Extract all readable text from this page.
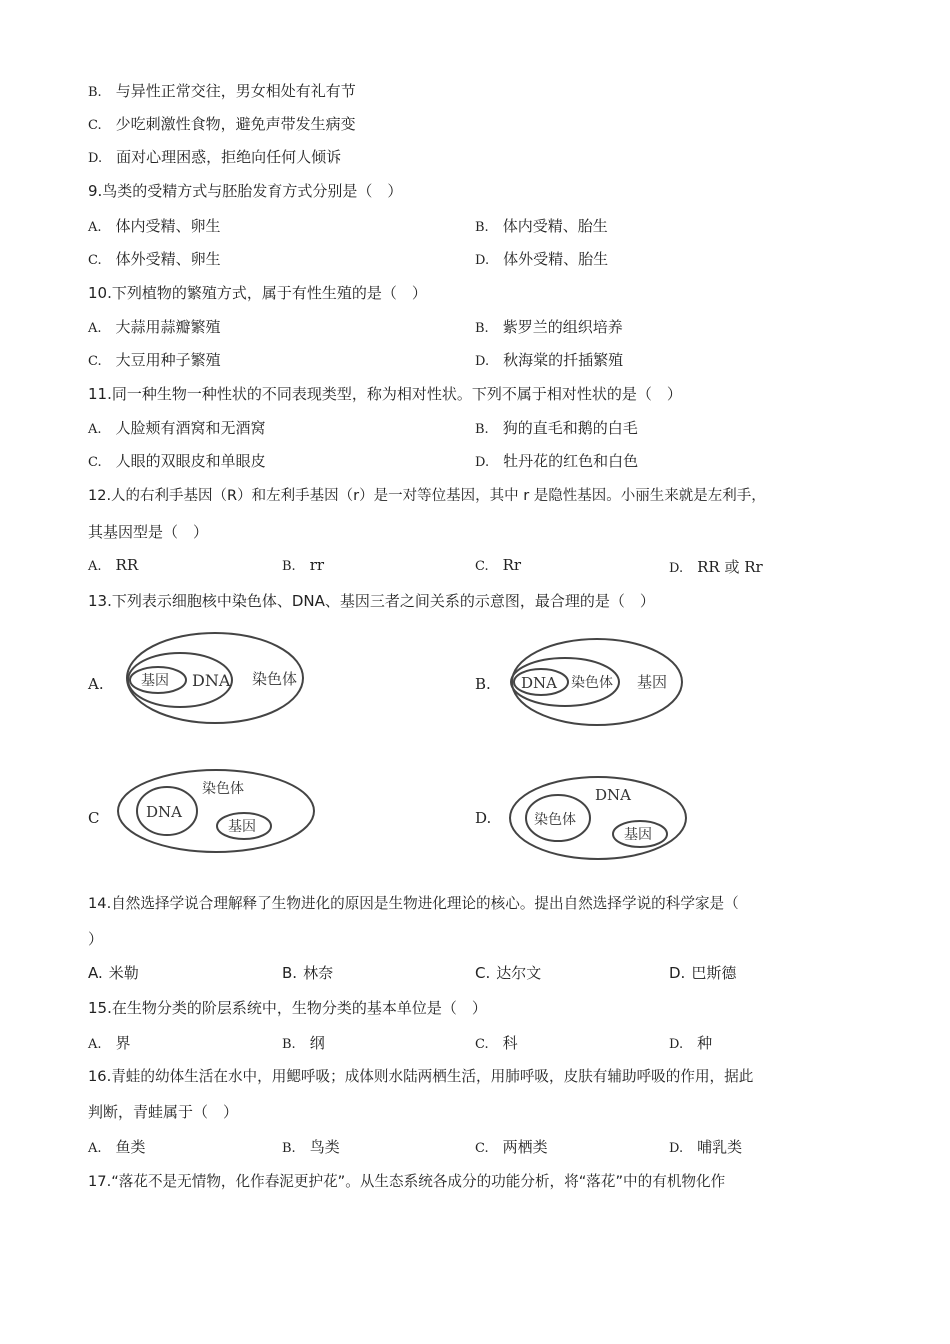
B. 与异性正常交往，男女相处有礼有节
C. 少吃刺激性食物，避免声带发生病变
D. 面对心理困惑，拒绝向任何人倾诉
9.鸟类的受精方式与胚胎发育方式分别是（　）
A. 体内受精、卵生	B. 体内受精、胎生
C. 体外受精、卵生	D. 体外受精、胎生
10.下列植物的繁殖方式，属于有性生殖的是（　）
A. 大蒜用蒜瓣繁殖	B. 紫罗兰的组织培养
C. 大豆用种子繁殖	D. 秋海棠的扦插繁殖
11.同一种生物一种性状的不同表现类型，称为相对性状。下列不属于相对性状的是（　）
A. 人脸颊有酒窝和无酒窝	B. 狗的直毛和鹅的白毛
C. 人眼的双眼皮和单眼皮	D. 牡丹花的红色和白色
12.人的右利手基因（R）和左利手基因（r）是一对等位基因，其中 r 是隐性基因。小丽生来就是左利手，
其基因型是（　）
A. RR	B. rr	C. Rr	D. RR 或 Rr
13.下列表示细胞核中染色体、DNA、基因三者之间关系的示意图，最合理的是（　）
A.	基因 DNA 染色体	B. DNA 染色体 基因
C	DNA
染色体
基因	D.	染色体
DNA
基因
14.自然选择学说合理解释了生物进化的原因是生物进化理论的核心。提出自然选择学说的科学家是（
）
A. 米勒	B. 林奈	C. 达尔文	D. 巴斯德
15.在生物分类的阶层系统中，生物分类的基本单位是（　）
A. 界	B. 纲	C. 科	D. 种
16.青蛙的幼体生活在水中，用鳃呼吸；成体则水陆两栖生活，用肺呼吸，皮肤有辅助呼吸的作用，据此
判断，青蛙属于（　）
A. 鱼类	B. 鸟类	C. 两栖类	D. 哺乳类
17.“落花不是无情物，化作春泥更护花”。从生态系统各成分的功能分析，将“落花”中的有机物化作
